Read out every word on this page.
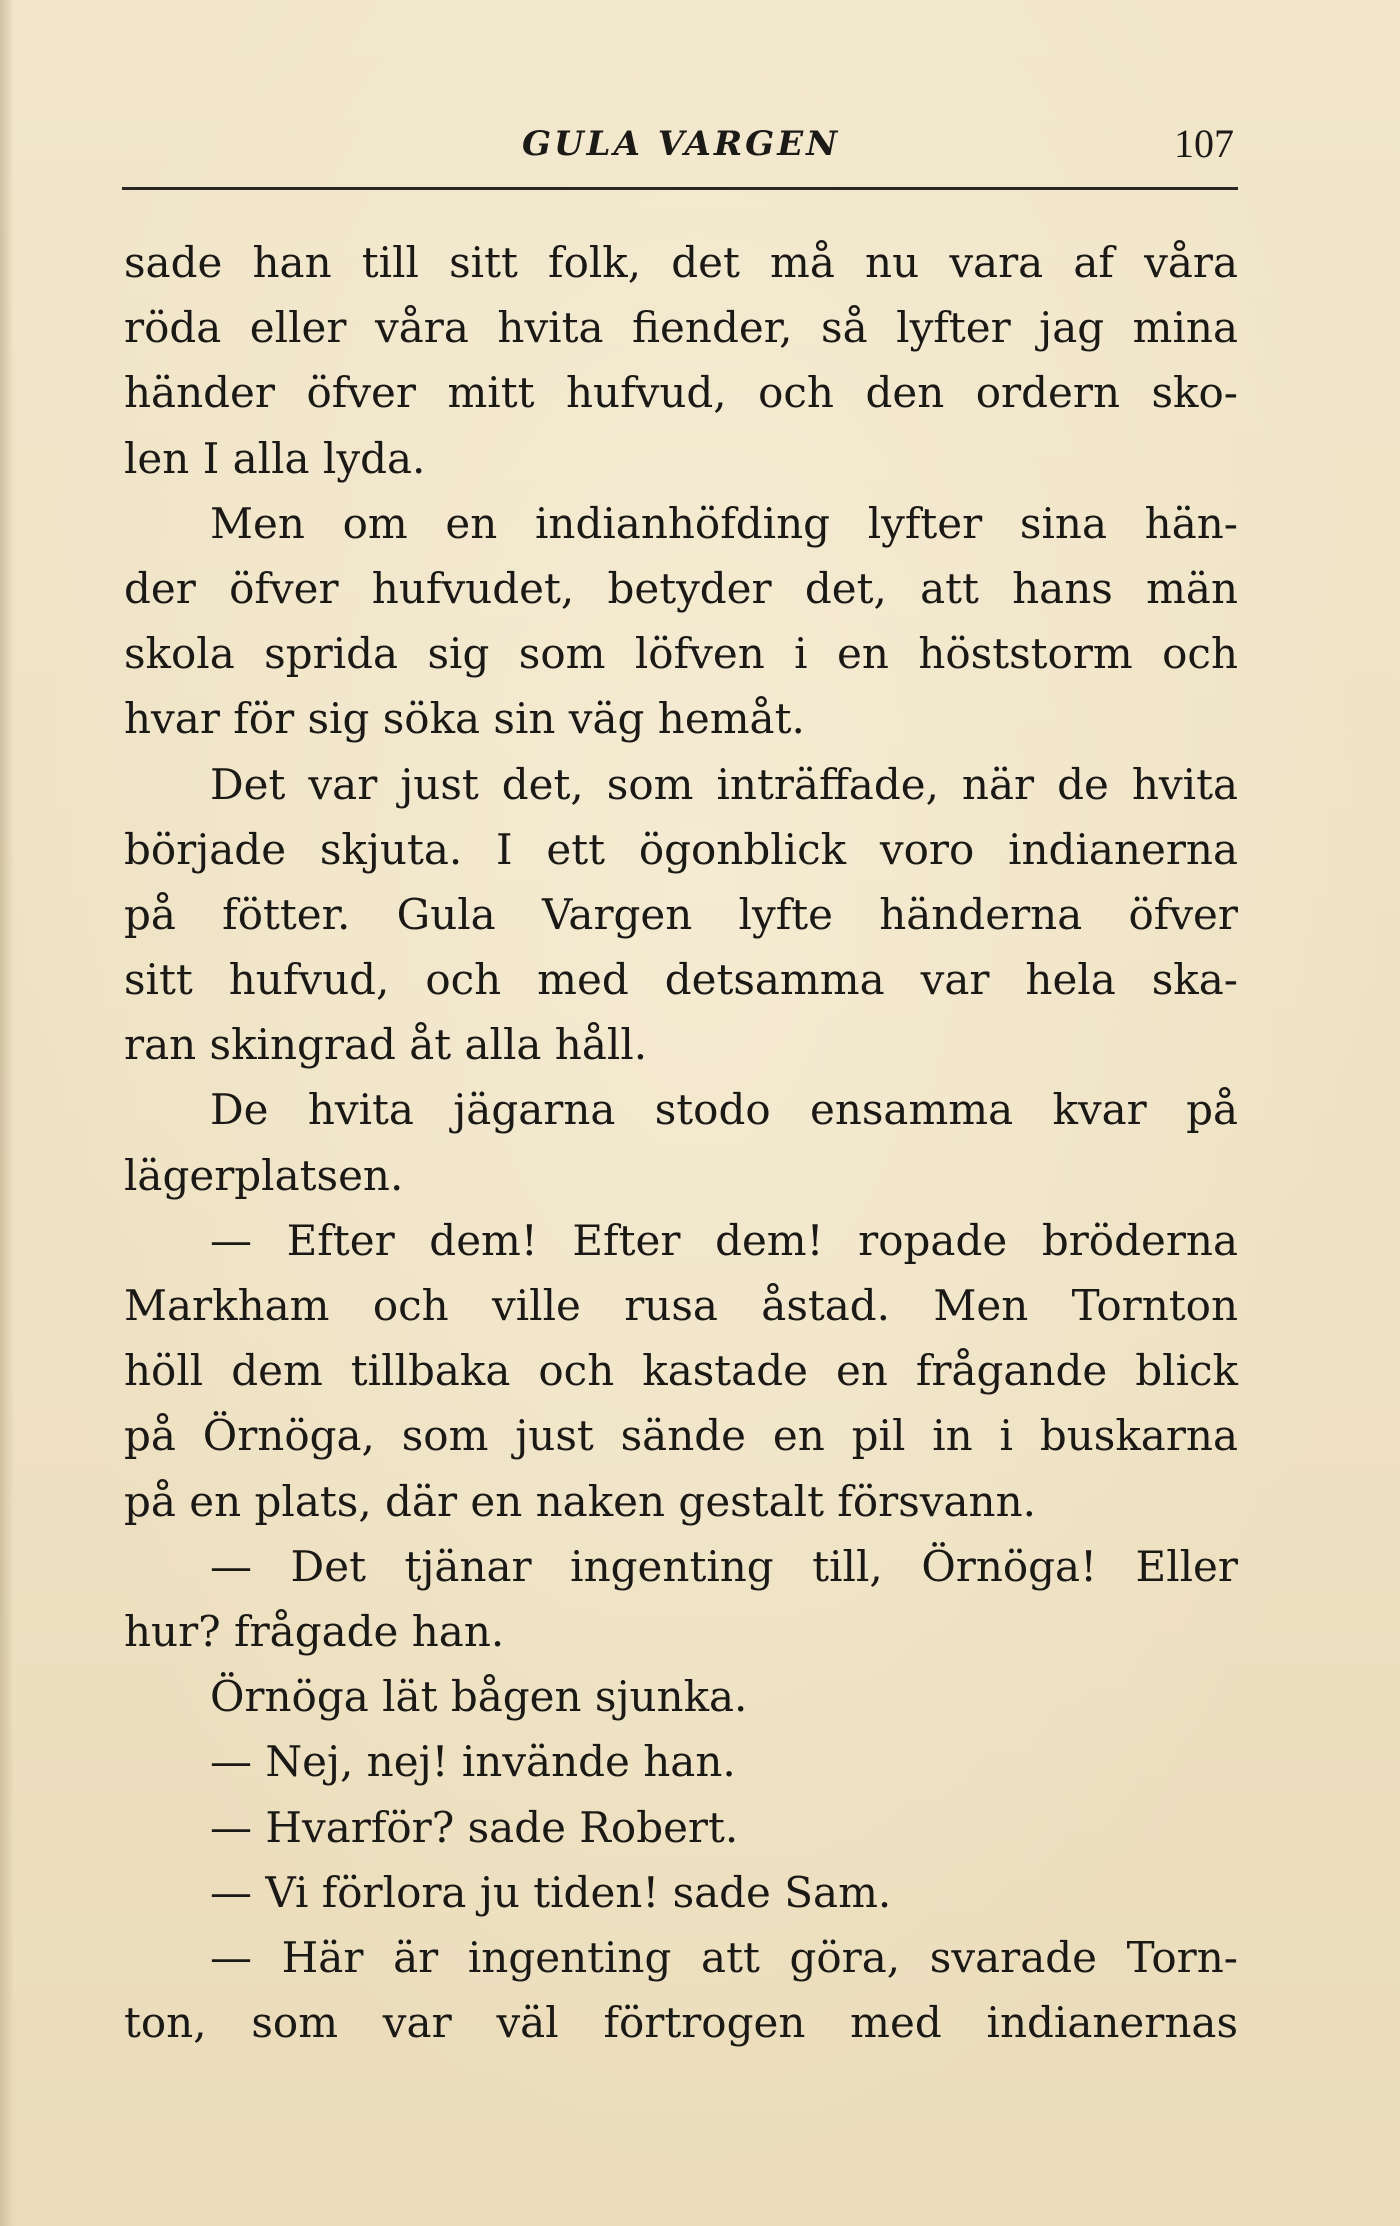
GULA VARGEN	107
sade han till sitt folk, det må nu vara af våra
röda eller våra hvita fiender, så lyfter jag mina
händer öfver mitt hufvud, och den ordern sko-
len I alla lyda.
Men om en indianhöfding lyfter sina hän-
der öfver hufvudet, betyder det, att hans män
skola sprida sig som löfven i en höststorm och
hvar för sig söka sin väg hemåt.
Det var just det, som inträffade, när de hvita
började skjuta. I ett ögonblick voro indianerna
på fötter. Gula Vargen lyfte händerna öfver
sitt hufvud, och med detsamma var hela ska-
ran skingrad åt alla håll.
De hvita jägarna stodo ensamma kvar på
lägerplatsen.
— Efter dem! Efter dem! ropade bröderna
Markham och ville rusa åstad. Men Tornton
höll dem tillbaka och kastade en frågande blick
på Örnöga, som just sände en pil in i buskarna
på en plats, där en naken gestalt försvann.
— Det tjänar ingenting till, Örnöga! Eller
hur? frågade han.
Örnöga lät bågen sjunka.
— Nej, nej! invände han.
— Hvarför? sade Robert.
— Vi förlora ju tiden! sade Sam.
— Här är ingenting att göra, svarade Torn-
ton, som var väl förtrogen med indianernas
